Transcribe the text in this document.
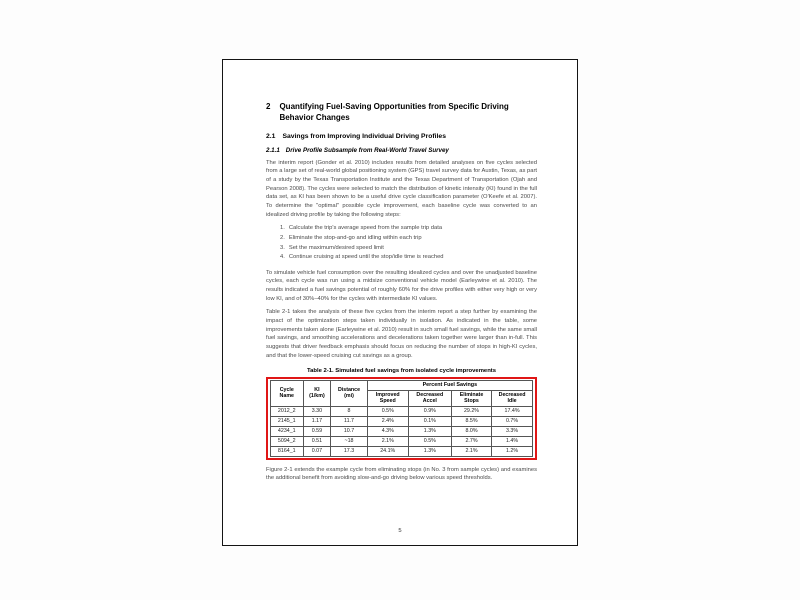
2 Quantifying Fuel-Saving Opportunities from Specific Driving Behavior Changes
2.1 Savings from Improving Individual Driving Profiles
2.1.1 Drive Profile Subsample from Real-World Travel Survey

The interim report (Gonder et al. 2010) includes results from detailed analyses on five cycles selected from a large set of real-world global positioning system (GPS) travel survey data for Austin, Texas, as part of a study by the Texas Transportation Institute and the Texas Department of Transportation (Ojah and Pearson 2008). The cycles were selected to match the distribution of kinetic intensity (KI) found in the full data set, as KI has been shown to be a useful drive cycle classification parameter (O'Keefe et al. 2007). To determine the "optimal" possible cycle improvement, each baseline cycle was converted to an idealized driving profile by taking the following steps:

1. Calculate the trip's average speed from the sample trip data
2. Eliminate the stop-and-go and idling within each trip
3. Set the maximum/desired speed limit
4. Continue cruising at speed until the stop/idle time is reached

To simulate vehicle fuel consumption over the resulting idealized cycles and over the unadjusted baseline cycles, each cycle was run using a midsize conventional vehicle model (Earleywine et al. 2010). The results indicated a fuel savings potential of roughly 60% for the drive profiles with either very high or very low KI, and of 30%–40% for the cycles with intermediate KI values.

Table 2-1 takes the analysis of these five cycles from the interim report a step further by examining the impact of the optimization steps taken individually in isolation. As indicated in the table, some improvements taken alone (Earleywine et al. 2010) result in such small fuel savings, while the same small fuel savings, and smoothing accelerations and decelerations taken together were larger than in-full. This suggests that driver feedback emphasis should focus on reducing the number of stops in high-KI cycles, and that the lower-speed cruising cut savings as a group.

Table 2-1. Simulated fuel savings from isolated cycle improvements
Cycle Name	KI (1/km)	Distance (mi)	Percent Fuel Savings			
			Improved Speed	Decreased Accel	Eliminate Stops	Decreased Idle
2012_2	3.30	8	0.5%	0.9%	29.2%	17.4%
2145_1	1.17	11.7	2.4%	0.1%	8.5%	0.7%
4234_1	0.59	10.7	4.3%	1.3%	8.0%	3.3%
5094_2	0.51	~18	2.1%	0.5%	2.7%	1.4%
8164_1	0.07	17.3	24.1%	1.3%	2.1%	1.2%

Figure 2-1 extends the example cycle from eliminating stops (in No. 3 from sample cycles) and examines the additional benefit from avoiding slow-and-go driving below various speed thresholds.

5
